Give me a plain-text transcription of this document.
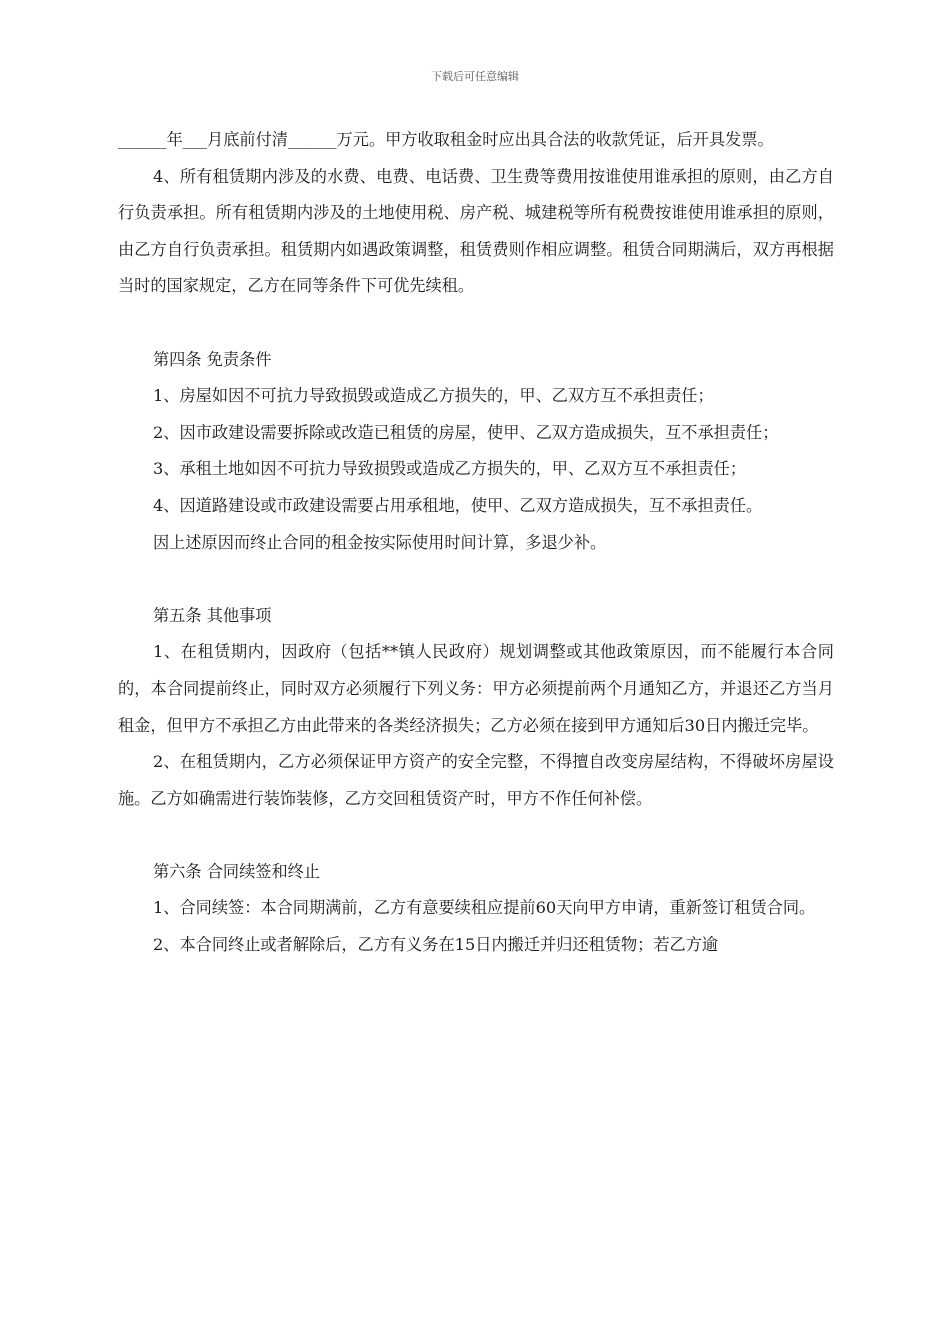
下载后可任意编辑

______年___月底前付清______万元。甲方收取租金时应出具合法的收款凭证，后开具发票。

4、所有租赁期内涉及的水费、电费、电话费、卫生费等费用按谁使用谁承担的原则，由乙方自行负责承担。所有租赁期内涉及的土地使用税、房产税、城建税等所有税费按谁使用谁承担的原则，由乙方自行负责承担。租赁期内如遇政策调整，租赁费则作相应调整。租赁合同期满后，双方再根据当时的国家规定，乙方在同等条件下可优先续租。

第四条 免责条件

1、房屋如因不可抗力导致损毁或造成乙方损失的，甲、乙双方互不承担责任；

2、因市政建设需要拆除或改造已租赁的房屋，使甲、乙双方造成损失，互不承担责任；

3、承租土地如因不可抗力导致损毁或造成乙方损失的，甲、乙双方互不承担责任；

4、因道路建设或市政建设需要占用承租地，使甲、乙双方造成损失，互不承担责任。

因上述原因而终止合同的租金按实际使用时间计算，多退少补。

第五条 其他事项

1、在租赁期内，因政府（包括**镇人民政府）规划调整或其他政策原因，而不能履行本合同的，本合同提前终止，同时双方必须履行下列义务：甲方必须提前两个月通知乙方，并退还乙方当月租金，但甲方不承担乙方由此带来的各类经济损失；乙方必须在接到甲方通知后30日内搬迁完毕。

2、在租赁期内，乙方必须保证甲方资产的安全完整，不得擅自改变房屋结构，不得破坏房屋设施。乙方如确需进行装饰装修，乙方交回租赁资产时，甲方不作任何补偿。

第六条 合同续签和终止

1、合同续签：本合同期满前，乙方有意要续租应提前60天向甲方申请，重新签订租赁合同。

2、本合同终止或者解除后，乙方有义务在15日内搬迁并归还租赁物；若乙方逾
